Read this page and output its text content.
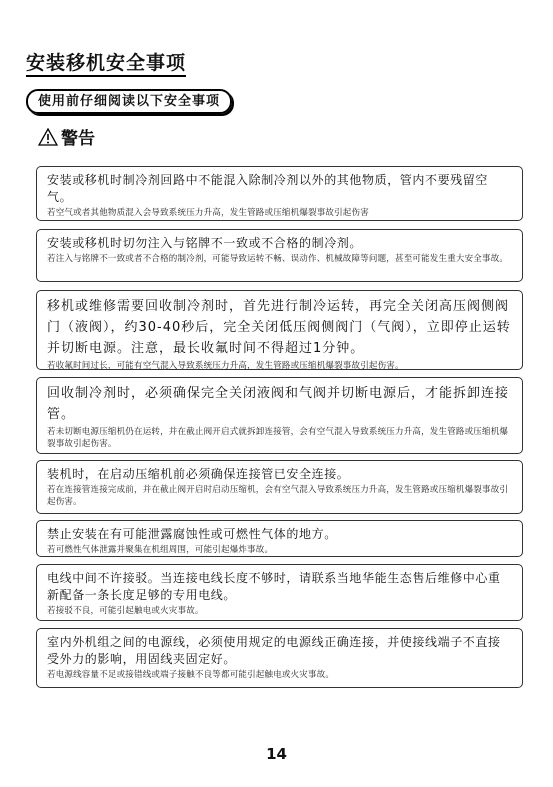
安装移机安全事项
使用前仔细阅读以下安全事项
警告
安装或移机时制冷剂回路中不能混入除制冷剂以外的其他物质，管内不要残留空气。
若空气或者其他物质混入会导致系统压力升高，发生管路或压缩机爆裂事故引起伤害
安装或移机时切勿注入与铭牌不一致或不合格的制冷剂。
若注入与铭牌不一致或者不合格的制冷剂，可能导致运转不畅、误动作、机械故障等问题，甚至可能发生重大安全事故。
移机或维修需要回收制冷剂时，首先进行制冷运转，再完全关闭高压阀侧阀门（液阀），约30-40秒后，完全关闭低压阀侧阀门（气阀），立即停止运转并切断电源。注意，最长收氟时间不得超过1分钟。
若收氟时间过长，可能有空气混入导致系统压力升高，发生管路或压缩机爆裂事故引起伤害。
回收制冷剂时，必须确保完全关闭液阀和气阀并切断电源后，才能拆卸连接管。
若未切断电源压缩机仍在运转，并在截止阀开启式就拆卸连接管，会有空气混入导致系统压力升高，发生管路或压缩机爆裂事故引起伤害。
装机时，在启动压缩机前必须确保连接管已安全连接。
若在连接管连接完成前，并在截止阀开启时启动压缩机，会有空气混入导致系统压力升高，发生管路或压缩机爆裂事故引起伤害。
禁止安装在有可能泄露腐蚀性或可燃性气体的地方。
若可燃性气体泄露并聚集在机组周围，可能引起爆炸事故。
电线中间不许接驳。当连接电线长度不够时，请联系当地华能生态售后维修中心重新配备一条长度足够的专用电线。
若接驳不良，可能引起触电或火灾事故。
室内外机组之间的电源线，必须使用规定的电源线正确连接，并使接线端子不直接受外力的影响，用固线夹固定好。
若电源线容量不足或接错线或端子接触不良等都可能引起触电或火灾事故。
14
